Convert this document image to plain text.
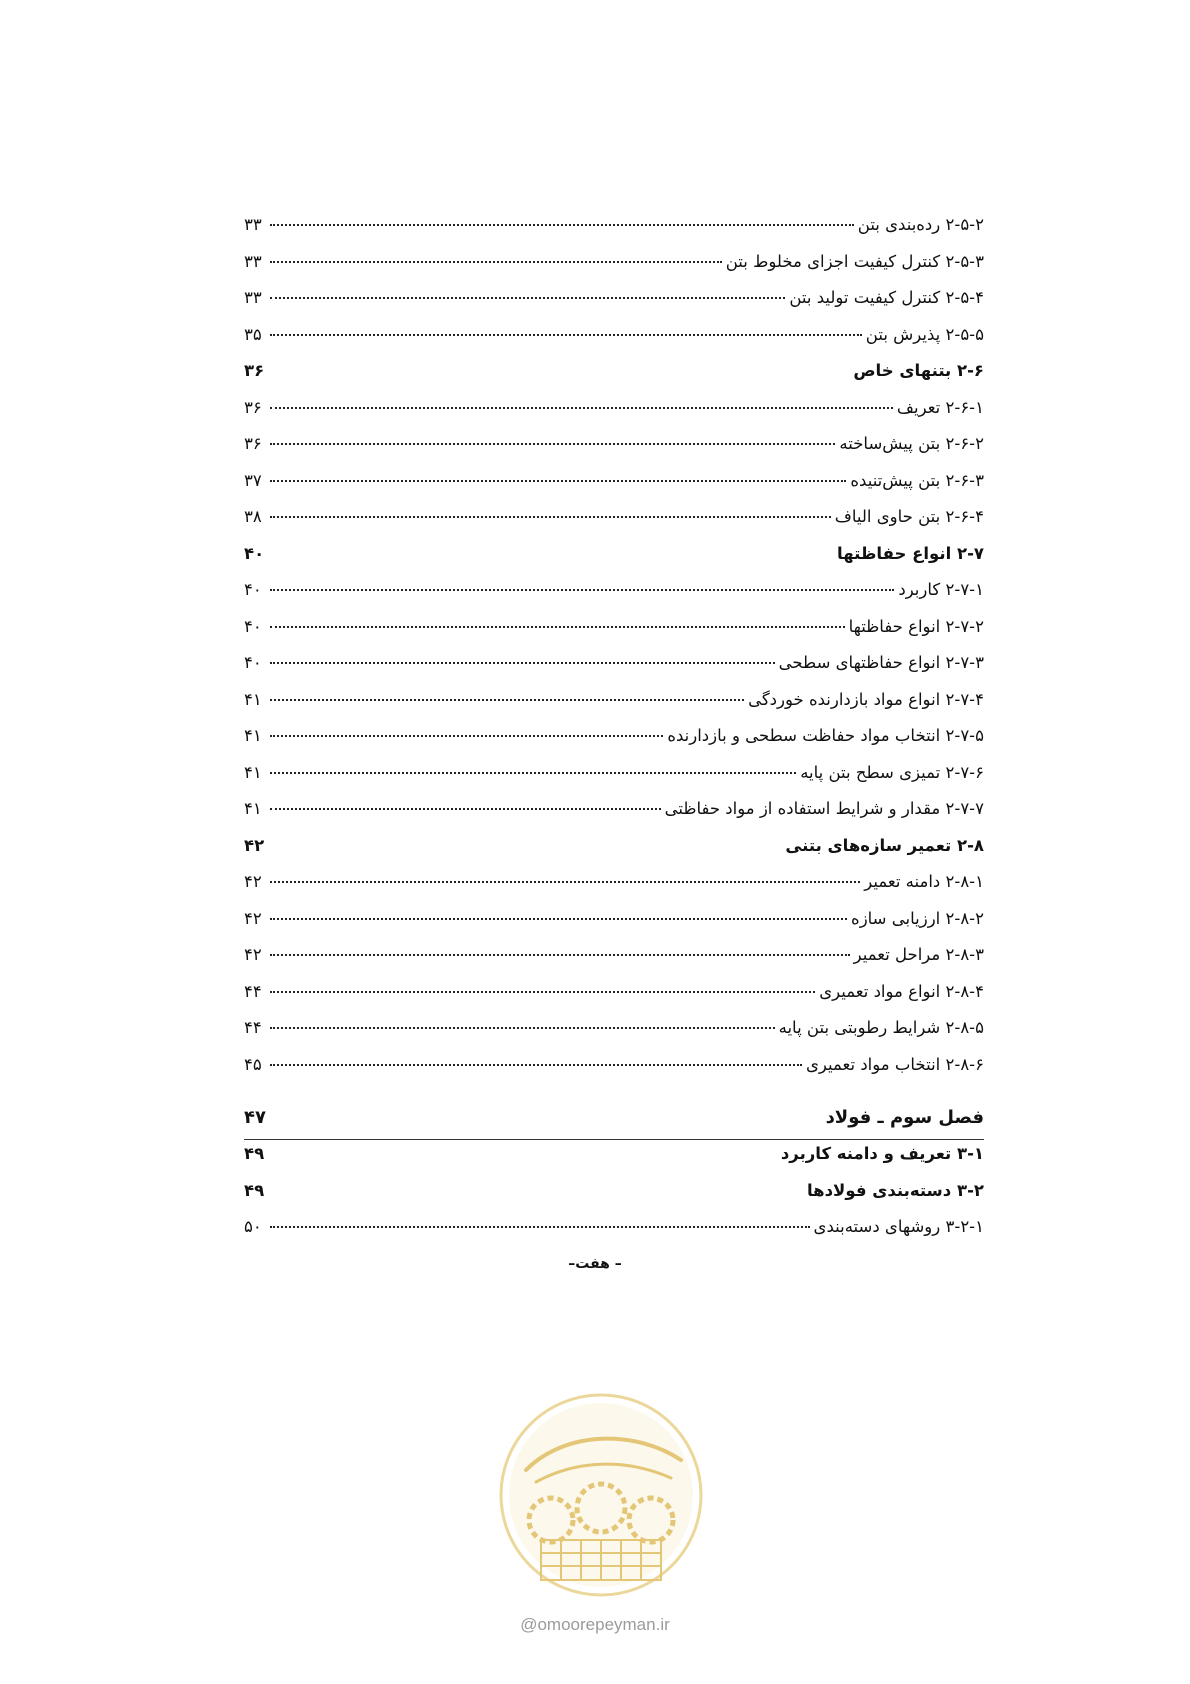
۲-۵-۲ رده‌بندی بتن
۳۳
۲-۵-۳ کنترل کیفیت اجزای مخلوط بتن
۳۳
۲-۵-۴ کنترل کیفیت تولید بتن
۳۳
۲-۵-۵ پذیرش بتن
۳۵
۲-۶ بتنهای خاص
۳۶
۲-۶-۱ تعریف
۳۶
۲-۶-۲ بتن پیش‌ساخته
۳۶
۲-۶-۳ بتن پیش‌تنیده
۳۷
۲-۶-۴ بتن حاوی الیاف
۳۸
۲-۷ انواع حفاظتها
۴۰
۲-۷-۱ کاربرد
۴۰
۲-۷-۲ انواع حفاظتها
۴۰
۲-۷-۳ انواع حفاظتهای سطحی
۴۰
۲-۷-۴ انواع مواد بازدارنده خوردگی
۴۱
۲-۷-۵ انتخاب مواد حفاظت سطحی و بازدارنده
۴۱
۲-۷-۶ تمیزی سطح بتن پایه
۴۱
۲-۷-۷ مقدار و شرایط استفاده از مواد حفاظتی
۴۱
۲-۸ تعمیر سازه‌های بتنی
۴۲
۲-۸-۱ دامنه تعمیر
۴۲
۲-۸-۲ ارزیابی سازه
۴۲
۲-۸-۳ مراحل تعمیر
۴۲
۲-۸-۴ انواع مواد تعمیری
۴۴
۲-۸-۵ شرایط رطوبتی بتن پایه
۴۴
۲-۸-۶ انتخاب مواد تعمیری
۴۵
فصل سوم ـ فولاد
۴۷
۳-۱ تعریف و دامنه کاربرد
۴۹
۳-۲ دسته‌بندی فولادها
۴۹
۳-۲-۱ روشهای دسته‌بندی
۵۰
– هفت–
@omoorepeyman.ir
